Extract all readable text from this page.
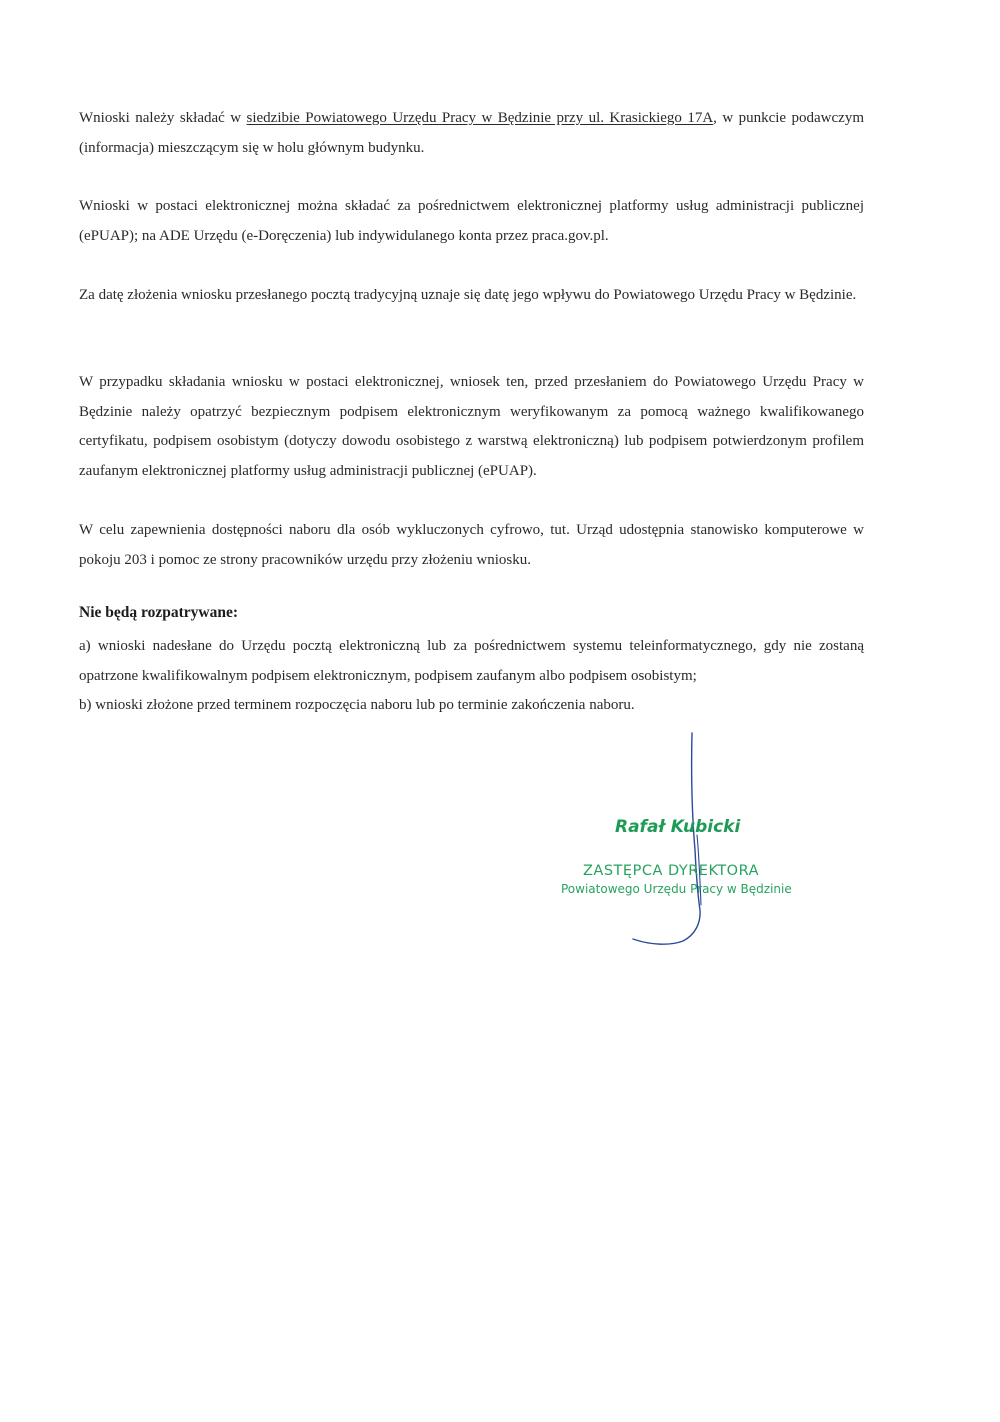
Wnioski należy składać w siedzibie Powiatowego Urzędu Pracy w Będzinie przy ul. Krasickiego 17A, w punkcie podawczym (informacja) mieszczącym się w holu głównym budynku.

Wnioski w postaci elektronicznej można składać za pośrednictwem elektronicznej platformy usług administracji publicznej (ePUAP); na ADE Urzędu (e-Doręczenia) lub indywidulanego konta przez praca.gov.pl.

Za datę złożenia wniosku przesłanego pocztą tradycyjną uznaje się datę jego wpływu do Powiatowego Urzędu Pracy w Będzinie.

W przypadku składania wniosku w postaci elektronicznej, wniosek ten, przed przesłaniem do Powiatowego Urzędu Pracy w Będzinie należy opatrzyć bezpiecznym podpisem elektronicznym weryfikowanym za pomocą ważnego kwalifikowanego certyfikatu, podpisem osobistym (dotyczy dowodu osobistego z warstwą elektroniczną) lub podpisem potwierdzonym profilem zaufanym elektronicznej platformy usług administracji publicznej (ePUAP).

W celu zapewnienia dostępności naboru dla osób wykluczonych cyfrowo, tut. Urząd udostępnia stanowisko komputerowe w pokoju 203 i pomoc ze strony pracowników urzędu przy złożeniu wniosku.

Nie będą rozpatrywane:

a) wnioski nadesłane do Urzędu pocztą elektroniczną lub za pośrednictwem systemu teleinformatycznego, gdy nie zostaną opatrzone kwalifikowalnym podpisem elektronicznym, podpisem zaufanym albo podpisem osobistym;
b) wnioski złożone przed terminem rozpoczęcia naboru lub po terminie zakończenia naboru.
Rafał Kubicki
ZASTĘPCA DYREKTORA
Powiatowego Urzędu Pracy w Będzinie
